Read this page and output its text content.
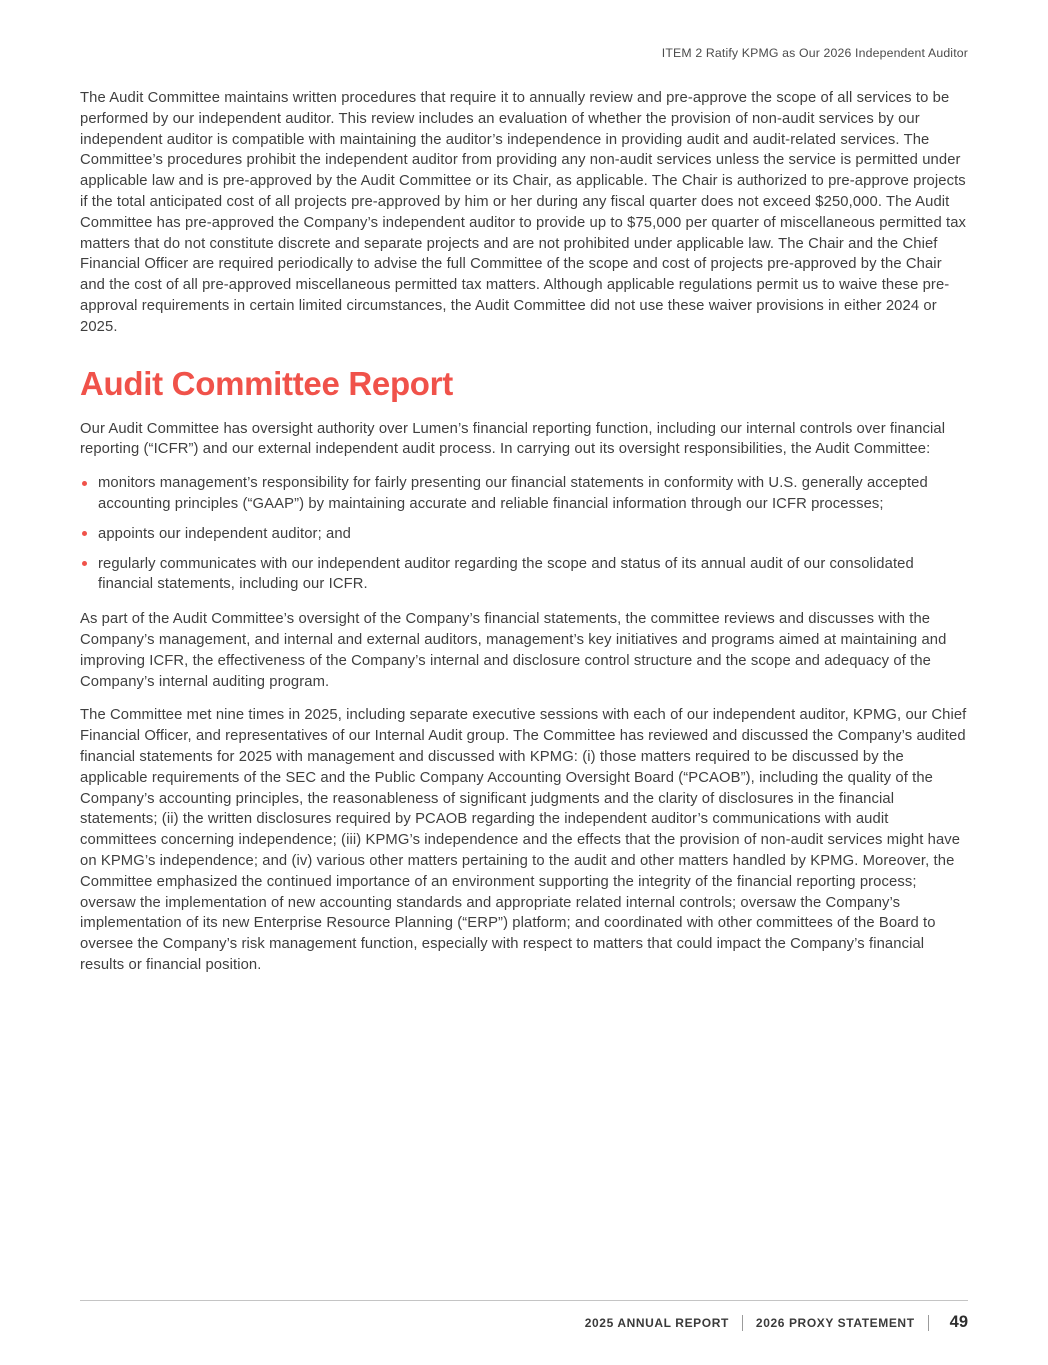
ITEM 2 Ratify KPMG as Our 2026 Independent Auditor

The Audit Committee maintains written procedures that require it to annually review and pre-approve the scope of all services to be performed by our independent auditor. This review includes an evaluation of whether the provision of non-audit services by our independent auditor is compatible with maintaining the auditor’s independence in providing audit and audit-related services. The Committee’s procedures prohibit the independent auditor from providing any non-audit services unless the service is permitted under applicable law and is pre-approved by the Audit Committee or its Chair, as applicable. The Chair is authorized to pre-approve projects if the total anticipated cost of all projects pre-approved by him or her during any fiscal quarter does not exceed $250,000. The Audit Committee has pre-approved the Company’s independent auditor to provide up to $75,000 per quarter of miscellaneous permitted tax matters that do not constitute discrete and separate projects and are not prohibited under applicable law. The Chair and the Chief Financial Officer are required periodically to advise the full Committee of the scope and cost of projects pre-approved by the Chair and the cost of all pre-approved miscellaneous permitted tax matters. Although applicable regulations permit us to waive these pre-approval requirements in certain limited circumstances, the Audit Committee did not use these waiver provisions in either 2024 or 2025.

Audit Committee Report

Our Audit Committee has oversight authority over Lumen’s financial reporting function, including our internal controls over financial reporting (“ICFR”) and our external independent audit process. In carrying out its oversight responsibilities, the Audit Committee:

monitors management’s responsibility for fairly presenting our financial statements in conformity with U.S. generally accepted accounting principles (“GAAP”) by maintaining accurate and reliable financial information through our ICFR processes;
appoints our independent auditor; and
regularly communicates with our independent auditor regarding the scope and status of its annual audit of our consolidated financial statements, including our ICFR.

As part of the Audit Committee’s oversight of the Company’s financial statements, the committee reviews and discusses with the Company’s management, and internal and external auditors, management’s key initiatives and programs aimed at maintaining and improving ICFR, the effectiveness of the Company’s internal and disclosure control structure and the scope and adequacy of the Company’s internal auditing program.

The Committee met nine times in 2025, including separate executive sessions with each of our independent auditor, KPMG, our Chief Financial Officer, and representatives of our Internal Audit group. The Committee has reviewed and discussed the Company’s audited financial statements for 2025 with management and discussed with KPMG: (i) those matters required to be discussed by the applicable requirements of the SEC and the Public Company Accounting Oversight Board (“PCAOB”), including the quality of the Company’s accounting principles, the reasonableness of significant judgments and the clarity of disclosures in the financial statements; (ii) the written disclosures required by PCAOB regarding the independent auditor’s communications with audit committees concerning independence; (iii) KPMG’s independence and the effects that the provision of non-audit services might have on KPMG’s independence; and (iv) various other matters pertaining to the audit and other matters handled by KPMG. Moreover, the Committee emphasized the continued importance of an environment supporting the integrity of the financial reporting process; oversaw the implementation of new accounting standards and appropriate related internal controls; oversaw the Company’s implementation of its new Enterprise Resource Planning (“ERP”) platform; and coordinated with other committees of the Board to oversee the Company’s risk management function, especially with respect to matters that could impact the Company’s financial results or financial position.

2025 ANNUAL REPORT 2026 PROXY STATEMENT 49
